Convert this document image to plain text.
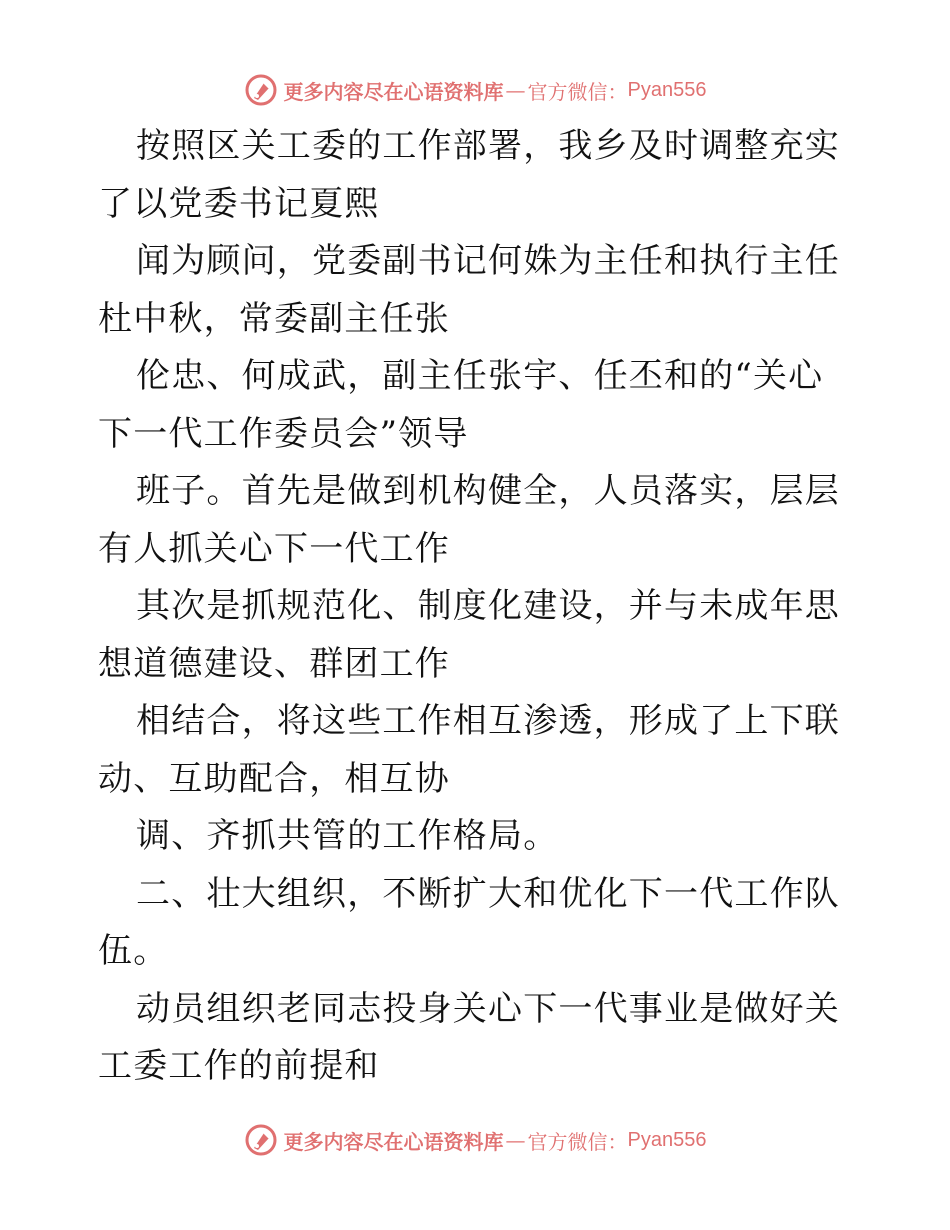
更多内容尽在心语资料库 — 官方微信： Pyan556

按照区关工委的工作部署，我乡及时调整充实了以党委书记夏熙

闻为顾问，党委副书记何姝为主任和执行主任杜中秋，常委副主任张

伦忠、何成武，副主任张宇、任丕和的“关心下一代工作委员会”领导

班子。首先是做到机构健全，人员落实，层层有人抓关心下一代工作

其次是抓规范化、制度化建设，并与未成年思想道德建设、群团工作

相结合，将这些工作相互渗透，形成了上下联动、互助配合，相互协

调、齐抓共管的工作格局。

二、壮大组织，不断扩大和优化下一代工作队伍。

动员组织老同志投身关心下一代事业是做好关工委工作的前提和

更多内容尽在心语资料库 — 官方微信： Pyan556
